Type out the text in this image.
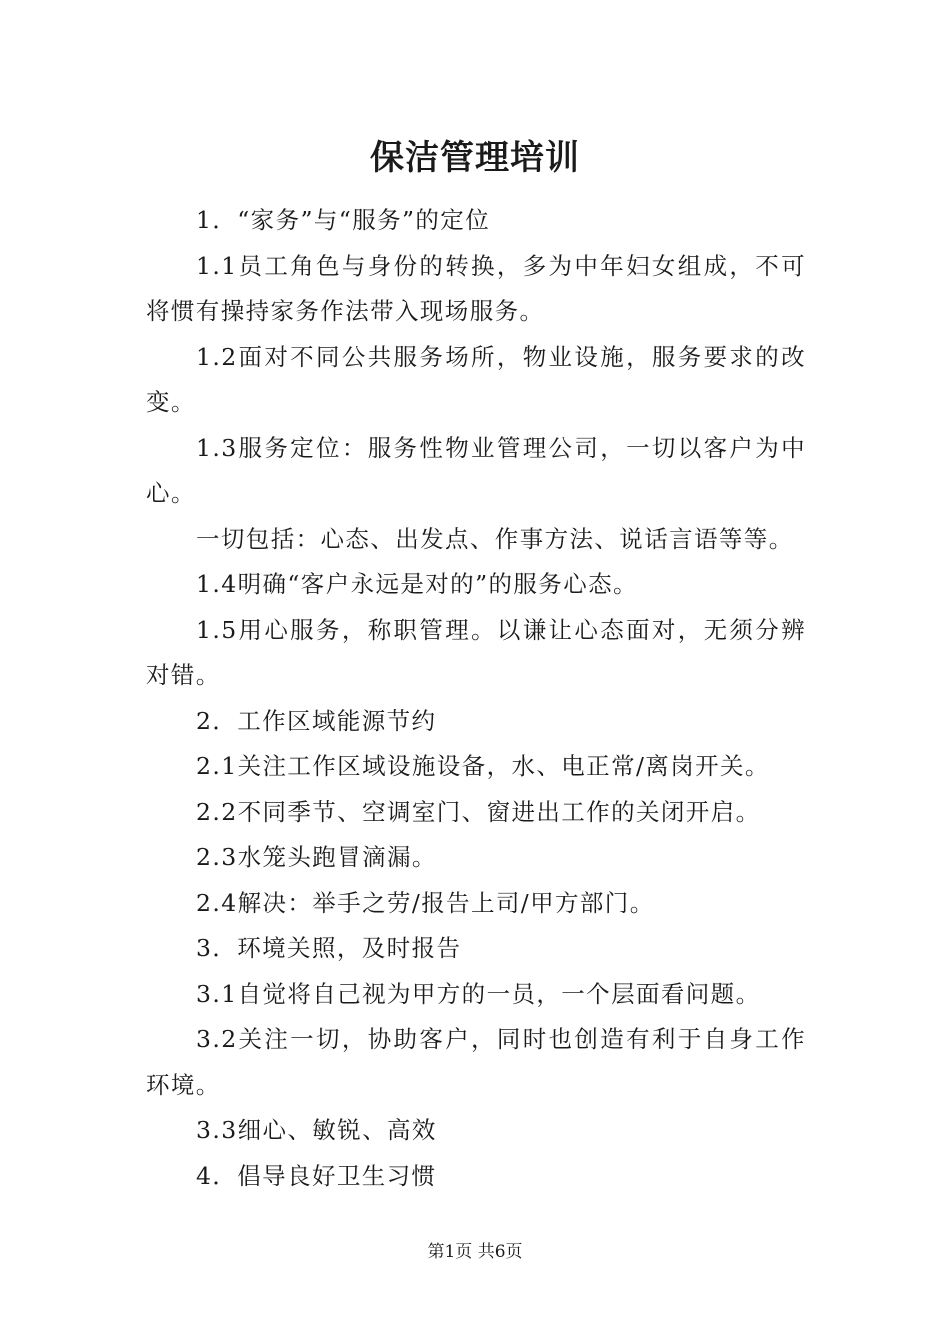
保洁管理培训

1．“家务”与“服务”的定位

1.1员工角色与身份的转换，多为中年妇女组成，不可将惯有操持家务作法带入现场服务。

1.2面对不同公共服务场所，物业设施，服务要求的改变。

1.3服务定位：服务性物业管理公司，一切以客户为中心。

一切包括：心态、出发点、作事方法、说话言语等等。

1.4明确“客户永远是对的”的服务心态。

1.5用心服务，称职管理。以谦让心态面对，无须分辨对错。

2．工作区域能源节约

2.1关注工作区域设施设备，水、电正常/离岗开关。

2.2不同季节、空调室门、窗进出工作的关闭开启。

2.3水笼头跑冒滴漏。

2.4解决：举手之劳/报告上司/甲方部门。

3．环境关照，及时报告

3.1自觉将自己视为甲方的一员，一个层面看问题。

3.2关注一切，协助客户，同时也创造有利于自身工作环境。

3.3细心、敏锐、高效

4．倡导良好卫生习惯

第1页 共6页
